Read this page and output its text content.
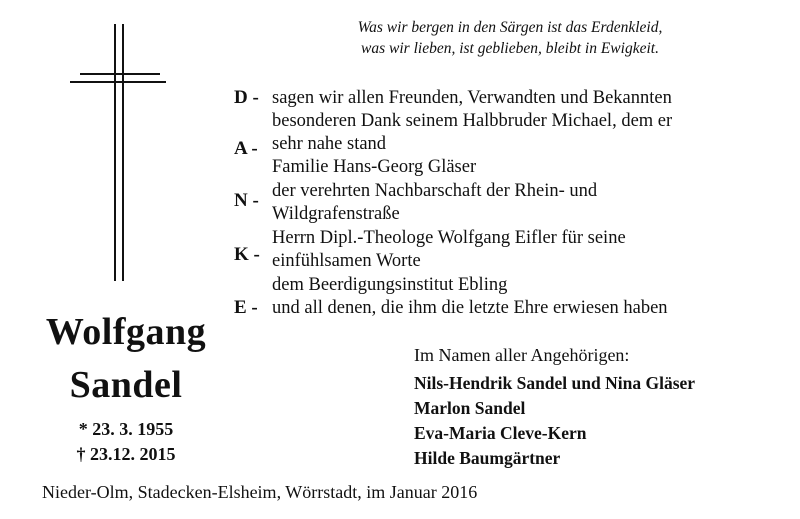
Was wir bergen in den Särgen ist das Erdenkleid,
was wir lieben, ist geblieben, bleibt in Ewigkeit.
D -
A -
N -
K -
E -
sagen wir allen Freunden, Verwandten und Bekannten
besonderen Dank seinem Halbbruder Michael, dem er
sehr nahe stand
Familie Hans-Georg Gläser
der verehrten Nachbarschaft der Rhein- und
Wildgrafenstraße
Herrn Dipl.-Theologe Wolfgang Eifler für seine
einfühlsamen Worte
dem Beerdigungsinstitut Ebling
und all denen, die ihm die letzte Ehre erwiesen haben
Wolfgang
Sandel
* 23. 3. 1955
† 23.12. 2015
Im Namen aller Angehörigen:
Nils-Hendrik Sandel und Nina Gläser
Marlon Sandel
Eva-Maria Cleve-Kern
Hilde Baumgärtner
Nieder-Olm, Stadecken-Elsheim, Wörrstadt, im Januar 2016
